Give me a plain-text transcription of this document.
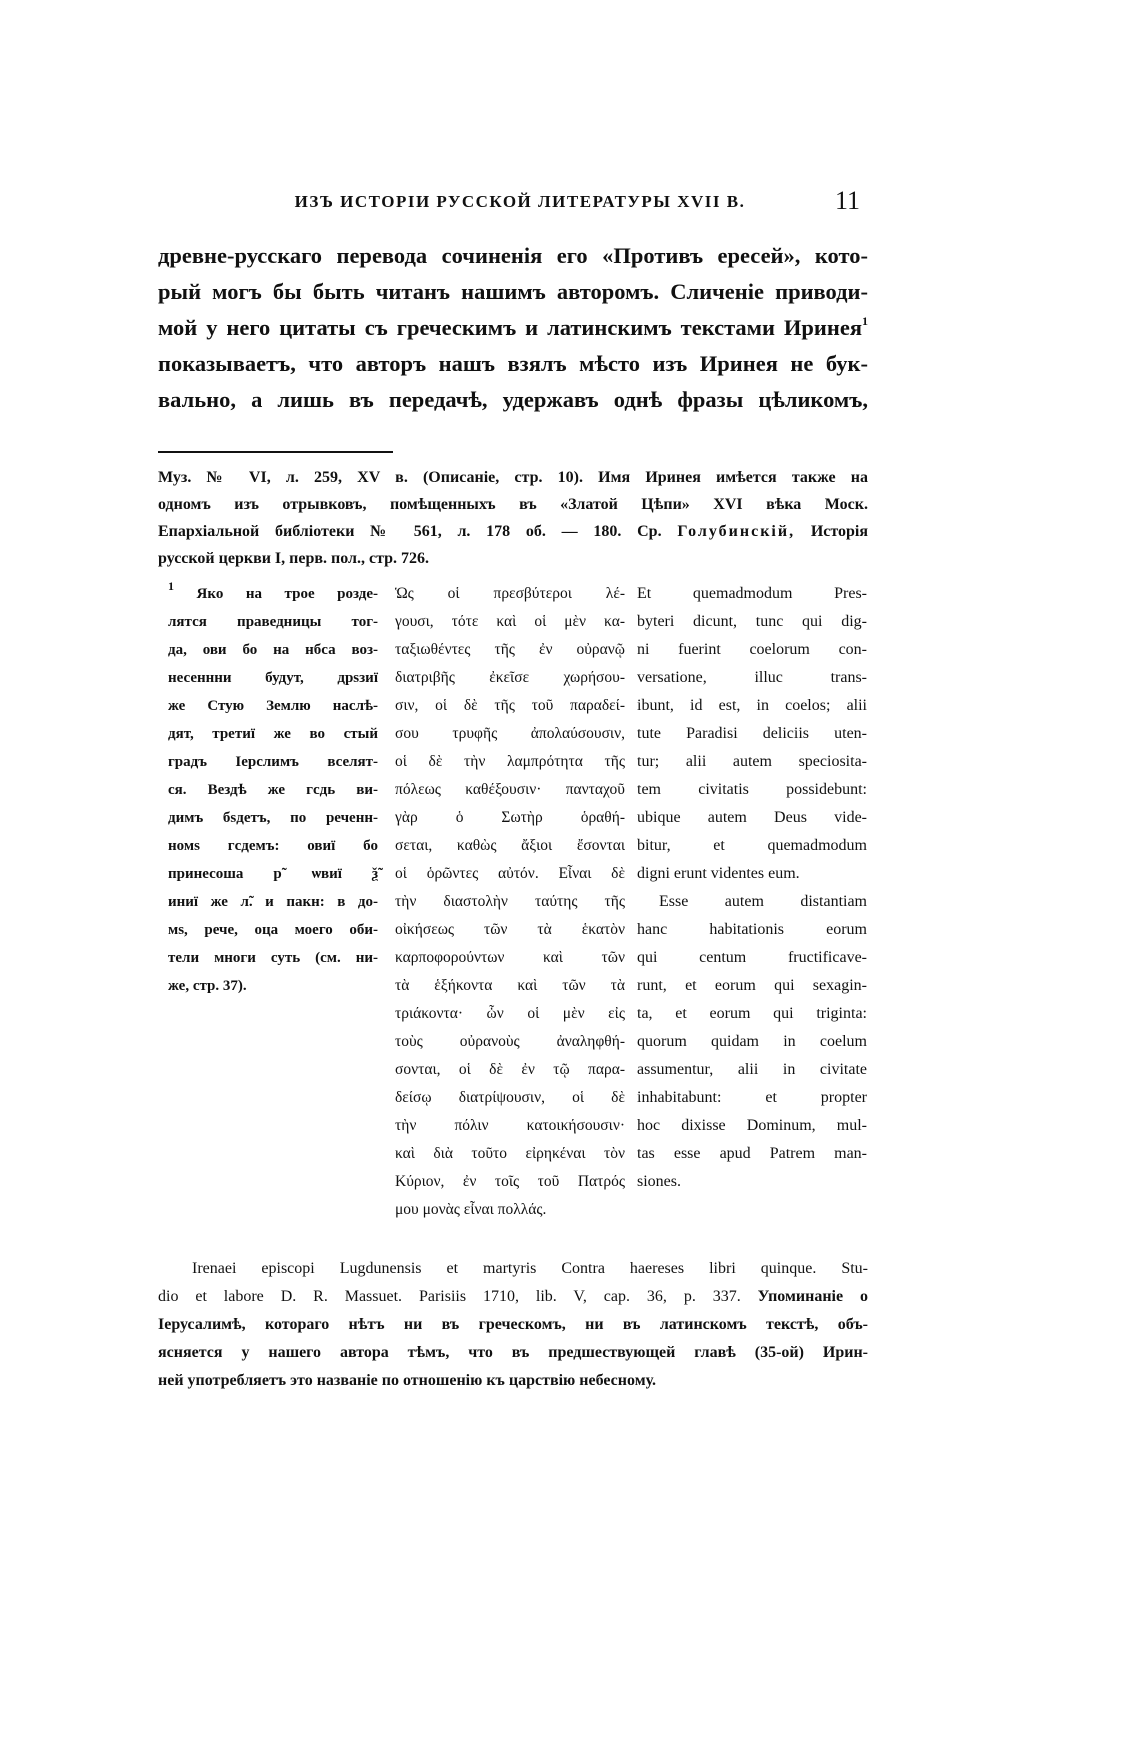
ИЗЪ ИСТОРІИ РУССКОЙ ЛИТЕРАТУРЫ XVII В.	11
древне-русскаго перевода сочиненія его «Противъ ересей», кото-
рый могъ бы быть читанъ нашимъ авторомъ. Сличеніе приводи-
мой у него цитаты съ греческимъ и латинскимъ текстами Иринея$^1$
показываетъ, что авторъ нашъ взялъ мѣсто изъ Иринея не бук-
вально, а лишь въ передачѣ, удержавъ однѣ фразы цѣликомъ,
Муз. № VI, л. 259, XV в. (Описаніе, стр. 10). Имя Иринея имѣется также на
одномъ изъ отрывковъ, помѣщенныхъ въ «Златой Цѣпи» XVI вѣка Моск.
Епархіальной библіотеки № 561, л. 178 об. — 180. Ср. Голубинскій, Исторія
русской церкви I, перв. пол., стр. 726.
$^1$ Яко на трое розде-
лятся праведницы тог-
да, ови бо на нбса воз-
несеннни будут, дрѕзиї
же Стую Землю наслѣ-
дят, третиї же во стый
градъ Іерслимъ вселят-
ся. Вездѣ же гсдь ви-
димъ бѕдетъ, по реченн-
номѕ гсдемъ: овиї бо
принесоша р̃ ѡвиї ѯ̃
иниї же л̃. и пакн: в до-
мѕ, рече, оца моего оби-
тели многи суть (см. ни-
же, стр. 37).
Ὡς οἱ πρεσβύτεροι λέ-
γουσι, τότε καὶ οἱ μὲν κα-
ταξιωθέντες τῆς ἐν οὐρανῷ
διατριβῆς ἐκεῖσε χωρήσου-
σιν, οἱ δὲ τῆς τοῦ παραδεί-
σου τρυφῆς ἀπολαύσουσιν,
οἱ δὲ τὴν λαμπρότητα τῆς
πόλεως καθέξουσιν· πανταχοῦ
γὰρ ὁ Σωτὴρ ὁραθή-
σεται, καθὼς ἄξιοι ἔσονται
οἱ ὁρῶντες αὐτόν. Εἶναι δὲ
τὴν διαστολὴν ταύτης τῆς
οἰκήσεως τῶν τὰ ἑκατὸν
καρποφορούντων καὶ τῶν
τὰ ἑξήκοντα καὶ τῶν τὰ
τριάκοντα· ὧν οἱ μὲν εἰς
τοὺς οὐρανοὺς ἀναληφθή-
σονται, οἱ δὲ ἐν τῷ παρα-
δείσῳ διατρίψουσιν, οἱ δὲ
τὴν πόλιν κατοικήσουσιν·
καὶ διὰ τοῦτο εἰρηκέναι τὸν
Κύριον, ἐν τοῖς τοῦ Πατρός
μου μονὰς εἶναι πολλάς.
Et quemadmodum Pres-
byteri dicunt, tunc qui dig-
ni fuerint coelorum con-
versatione, illuc trans-
ibunt, id est, in coelos; alii
tute Paradisi deliciis uten-
tur; alii autem speciosita-
tem civitatis possidebunt:
ubique autem Deus vide-
bitur, et quemadmodum
digni erunt videntes eum.
Esse autem distantiam
hanc habitationis eorum
qui centum fructificave-
runt, et eorum qui sexagin-
ta, et eorum qui triginta:
quorum quidam in coelum
assumentur, alii in civitate
inhabitabunt: et propter
hoc dixisse Dominum, mul-
tas esse apud Patrem man-
siones.
Irenaei episcopi Lugdunensis et martyris Contra haereses libri quinque. Stu-
dio et labore D. R. Massuet. Parisiis 1710, lib. V, cap. 36, p. 337. Упоминаніе о
Іерусалимѣ, котораго нѣтъ ни въ греческомъ, ни въ латинскомъ текстѣ, объ-
ясняется у нашего автора тѣмъ, что въ предшествующей главѣ (35-ой) Ирин-
ней употребляетъ это названіе по отношенію къ царствію небесному.
